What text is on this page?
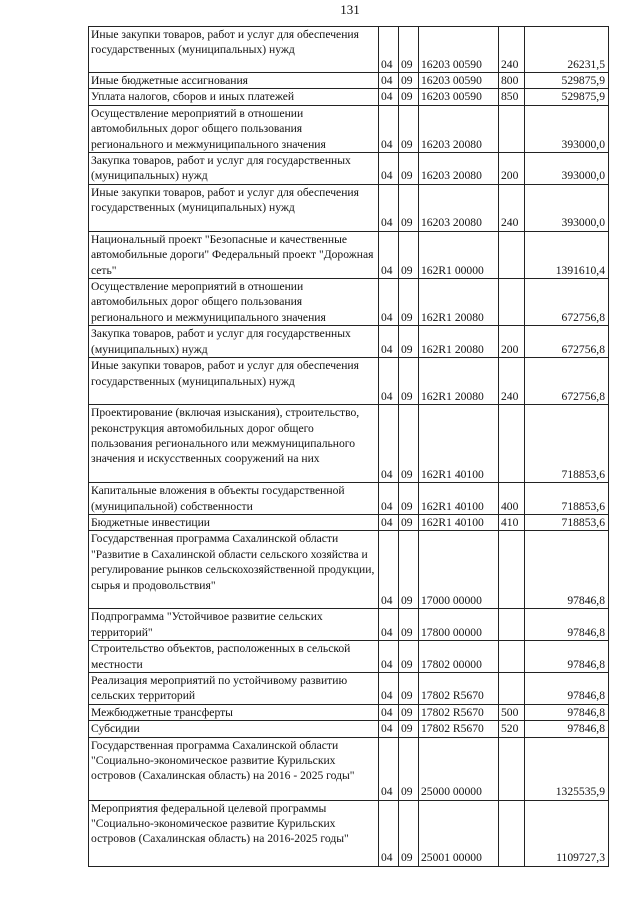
131
Иные закупки товаров, работ и услуг для обеспечения государственных (муниципальных) нужд	04	09	16203 00590	240	26231,5

Иные бюджетные ассигнования	04	09	16203 00590	800	529875,9

Уплата налогов, сборов и иных платежей	04	09	16203 00590	850	529875,9

Осуществление мероприятий в отношении автомобильных дорог общего пользования регионального и межмуниципального значения	04	09	16203 20080		393000,0

Закупка товаров, работ и услуг для государственных (муниципальных) нужд	04	09	16203 20080	200	393000,0

Иные закупки товаров, работ и услуг для обеспечения государственных (муниципальных) нужд	04	09	16203 20080	240	393000,0

Национальный проект "Безопасные и качественные автомобильные дороги" Федеральный проект "Дорожная сеть"	04	09	162R1 00000		1391610,4

Осуществление мероприятий в отношении автомобильных дорог общего пользования регионального и межмуниципального значения	04	09	162R1 20080		672756,8

Закупка товаров, работ и услуг для государственных (муниципальных) нужд	04	09	162R1 20080	200	672756,8

Иные закупки товаров, работ и услуг для обеспечения государственных (муниципальных) нужд	04	09	162R1 20080	240	672756,8

Проектирование (включая изыскания), строительство, реконструкция автомобильных дорог общего пользования регионального или межмуниципального значения и искусственных сооружений на них	04	09	162R1 40100		718853,6

Капитальные вложения в объекты государственной (муниципальной) собственности	04	09	162R1 40100	400	718853,6

Бюджетные инвестиции	04	09	162R1 40100	410	718853,6

Государственная программа Сахалинской области "Развитие в Сахалинской области сельского хозяйства и регулирование рынков сельскохозяйственной продукции, сырья и продовольствия"	04	09	17000 00000		97846,8

Подпрограмма "Устойчивое развитие сельских территорий"	04	09	17800 00000		97846,8

Строительство объектов, расположенных в сельской местности	04	09	17802 00000		97846,8

Реализация мероприятий по устойчивому развитию сельских территорий	04	09	17802 R5670		97846,8

Межбюджетные трансферты	04	09	17802 R5670	500	97846,8

Субсидии	04	09	17802 R5670	520	97846,8

Государственная программа Сахалинской области "Социально-экономическое развитие Курильских островов (Сахалинская область) на 2016 - 2025 годы"	04	09	25000 00000		1325535,9

Мероприятия федеральной целевой программы "Социально-экономическое развитие Курильских островов (Сахалинская область) на 2016-2025 годы"	04	09	25001 00000		1109727,3
